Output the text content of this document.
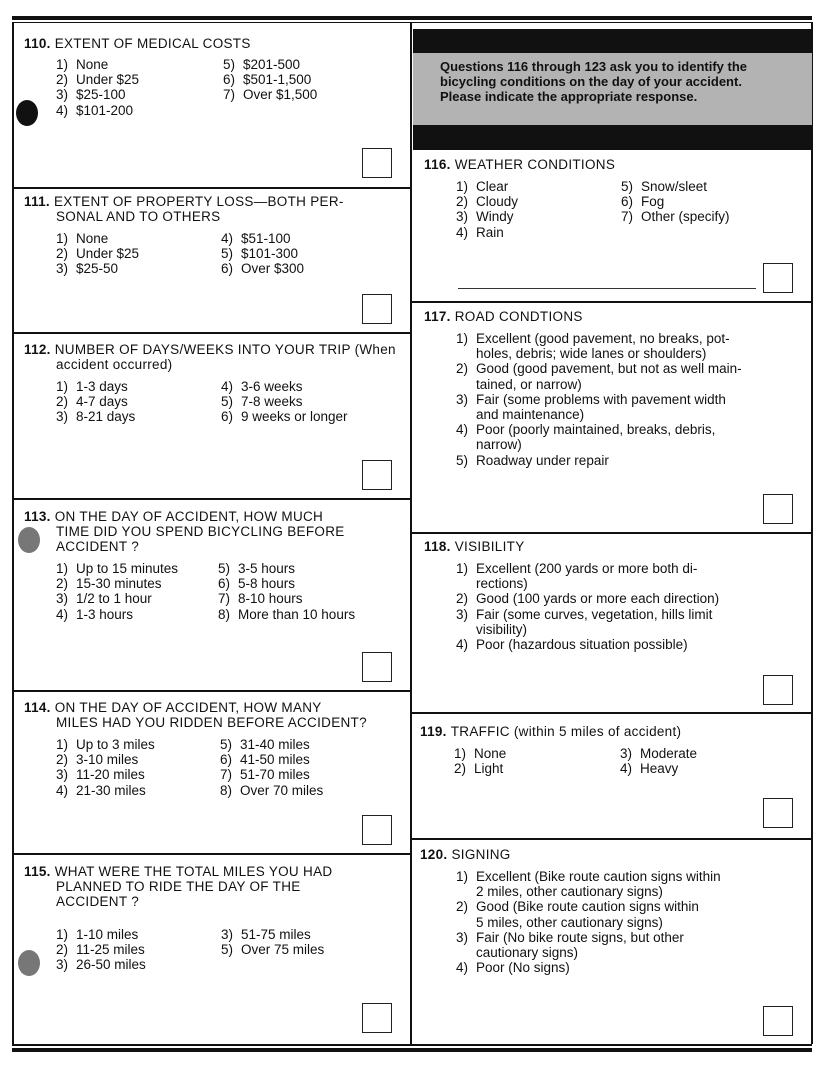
Questions 116 through 123 ask you to identify the bicycling conditions on the day of your accident. Please indicate the appropriate response.
110. EXTENT OF MEDICAL COSTS
1) None
2) Under $25
3) $25-100
4) $101-200
5) $201-500
6) $501-1,500
7) Over $1,500
111. EXTENT OF PROPERTY LOSS—BOTH PER-
SONAL AND TO OTHERS
1) None
2) Under $25
3) $25-50
4) $51-100
5) $101-300
6) Over $300
112. NUMBER OF DAYS/WEEKS INTO YOUR TRIP (When
accident occurred)
1) 1-3 days
2) 4-7 days
3) 8-21 days
4) 3-6 weeks
5) 7-8 weeks
6) 9 weeks or longer
113. ON THE DAY OF ACCIDENT, HOW MUCH
TIME DID YOU SPEND BICYCLING BEFORE
ACCIDENT ?
1) Up to 15 minutes
2) 15-30 minutes
3) 1/2 to 1 hour
4) 1-3 hours
5) 3-5 hours
6) 5-8 hours
7) 8-10 hours
8) More than 10 hours
114. ON THE DAY OF ACCIDENT, HOW MANY
MILES HAD YOU RIDDEN BEFORE ACCIDENT?
1) Up to 3 miles
2) 3-10 miles
3) 11-20 miles
4) 21-30 miles
5) 31-40 miles
6) 41-50 miles
7) 51-70 miles
8) Over 70 miles
115. WHAT WERE THE TOTAL MILES YOU HAD
PLANNED TO RIDE THE DAY OF THE
ACCIDENT ?
1) 1-10 miles
2) 11-25 miles
3) 26-50 miles
3) 51-75 miles
5) Over 75 miles
116. WEATHER CONDITIONS
1) Clear
2) Cloudy
3) Windy
4) Rain
5) Snow/sleet
6) Fog
7) Other (specify)
117. ROAD CONDTIONS
1) Excellent (good pavement, no breaks, pot-
holes, debris; wide lanes or shoulders)
2) Good (good pavement, but not as well main-
tained, or narrow)
3) Fair (some problems with pavement width
and maintenance)
4) Poor (poorly maintained, breaks, debris,
narrow)
5) Roadway under repair
118. VISIBILITY
1) Excellent (200 yards or more both di-
rections)
2) Good (100 yards or more each direction)
3) Fair (some curves, vegetation, hills limit
visibility)
4) Poor (hazardous situation possible)
119. TRAFFIC (within 5 miles of accident)
1) None
2) Light
3) Moderate
4) Heavy
120. SIGNING
1) Excellent (Bike route caution signs within
2 miles, other cautionary signs)
2) Good (Bike route caution signs within
5 miles, other cautionary signs)
3) Fair (No bike route signs, but other
cautionary signs)
4) Poor (No signs)
